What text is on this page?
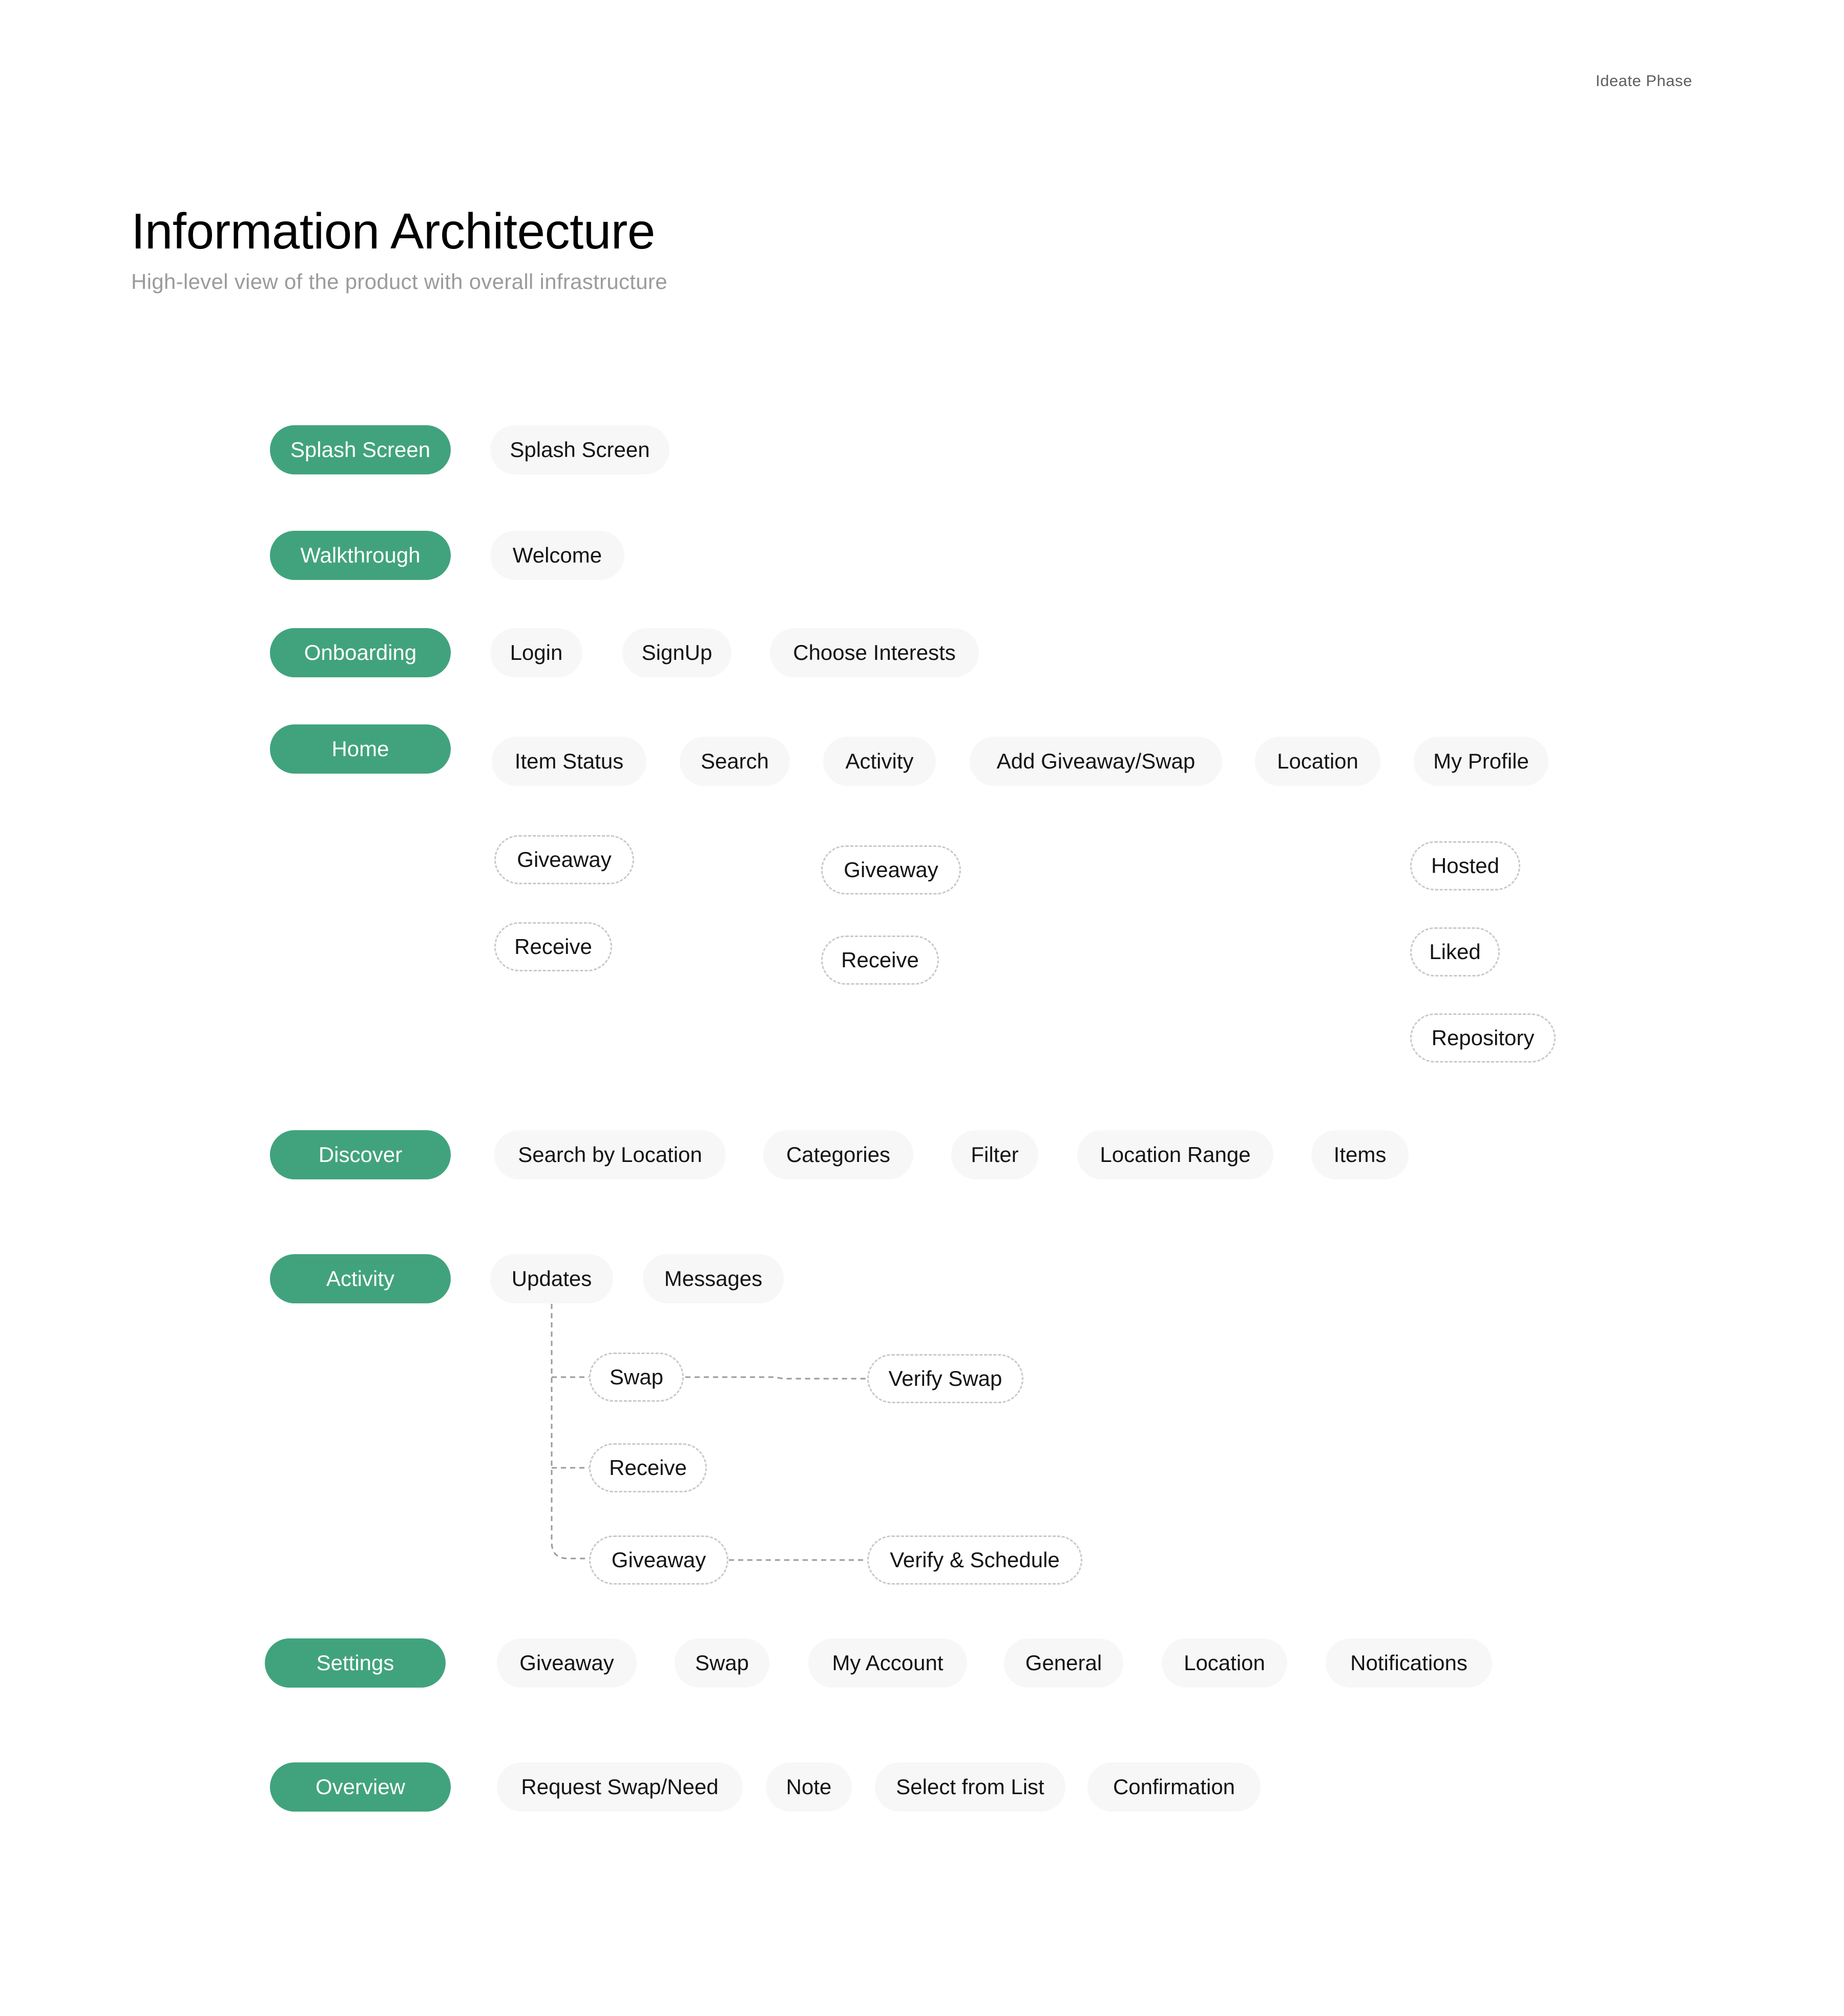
Ideate Phase
Information Architecture
High-level view of the product with overall infrastructure
Splash Screen	Splash Screen
Walkthrough	Welcome
Onboarding	Login	SignUp	Choose Interests
Home
Item Status	Search	Activity	Add Giveaway/Swap	Location	My Profile
Giveaway
Receive
Giveaway
Receive
Hosted
Liked
Repository
Discover	Search by Location	Categories	Filter	Location Range	Items
Activity	Updates	Messages
Swap
Receive
Giveaway
Verify Swap
Verify & Schedule
Settings	Giveaway	Swap	My Account	General	Location	Notifications
Overview	Request Swap/Need	Note	Select from List	Confirmation
